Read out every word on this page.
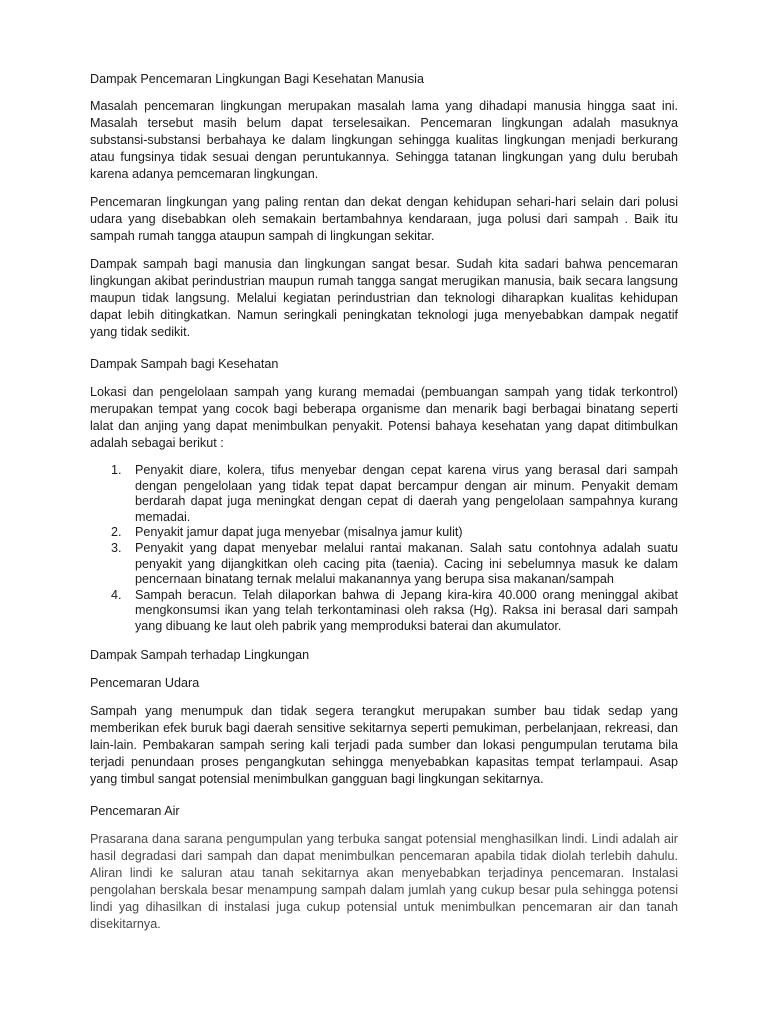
Dampak Pencemaran Lingkungan Bagi Kesehatan Manusia

Masalah pencemaran lingkungan merupakan masalah lama yang dihadapi manusia hingga saat ini. Masalah tersebut masih belum dapat terselesaikan. Pencemaran lingkungan adalah masuknya substansi-substansi berbahaya ke dalam lingkungan sehingga kualitas lingkungan menjadi berkurang atau fungsinya tidak sesuai dengan peruntukannya. Sehingga tatanan lingkungan yang dulu berubah karena adanya pemcemaran lingkungan.

Pencemaran lingkungan yang paling rentan dan dekat dengan kehidupan sehari-hari selain dari polusi udara yang disebabkan oleh semakain bertambahnya kendaraan, juga polusi dari sampah . Baik itu sampah rumah tangga ataupun sampah di lingkungan sekitar.

Dampak sampah bagi manusia dan lingkungan sangat besar. Sudah kita sadari bahwa pencemaran lingkungan akibat perindustrian maupun rumah tangga sangat merugikan manusia, baik secara langsung maupun tidak langsung. Melalui kegiatan perindustrian dan teknologi diharapkan kualitas kehidupan dapat lebih ditingkatkan. Namun seringkali peningkatan teknologi juga menyebabkan dampak negatif yang tidak sedikit.

Dampak Sampah bagi Kesehatan

Lokasi dan pengelolaan sampah yang kurang memadai (pembuangan sampah yang tidak terkontrol) merupakan tempat yang cocok bagi beberapa organisme dan menarik bagi berbagai binatang seperti lalat dan anjing yang dapat menimbulkan penyakit. Potensi bahaya kesehatan yang dapat ditimbulkan adalah sebagai berikut :

1. Penyakit diare, kolera, tifus menyebar dengan cepat karena virus yang berasal dari sampah dengan pengelolaan yang tidak tepat dapat bercampur dengan air minum. Penyakit demam berdarah dapat juga meningkat dengan cepat di daerah yang pengelolaan sampahnya kurang memadai.
2. Penyakit jamur dapat juga menyebar (misalnya jamur kulit)
3. Penyakit yang dapat menyebar melalui rantai makanan. Salah satu contohnya adalah suatu penyakit yang dijangkitkan oleh cacing pita (taenia). Cacing ini sebelumnya masuk ke dalam pencernaan binatang ternak melalui makanannya yang berupa sisa makanan/sampah
4. Sampah beracun. Telah dilaporkan bahwa di Jepang kira-kira 40.000 orang meninggal akibat mengkonsumsi ikan yang telah terkontaminasi oleh raksa (Hg). Raksa ini berasal dari sampah yang dibuang ke laut oleh pabrik yang memproduksi baterai dan akumulator.
Dampak Sampah terhadap Lingkungan
Pencemaran Udara

Sampah yang menumpuk dan tidak segera terangkut merupakan sumber bau tidak sedap yang memberikan efek buruk bagi daerah sensitive sekitarnya seperti pemukiman, perbelanjaan, rekreasi, dan lain-lain. Pembakaran sampah sering kali terjadi pada sumber dan lokasi pengumpulan terutama bila terjadi penundaan proses pengangkutan sehingga menyebabkan kapasitas tempat terlampaui. Asap yang timbul sangat potensial menimbulkan gangguan bagi lingkungan sekitarnya.

Pencemaran Air

Prasarana dana sarana pengumpulan yang terbuka sangat potensial menghasilkan lindi. Lindi adalah air hasil degradasi dari sampah dan dapat menimbulkan pencemaran apabila tidak diolah terlebih dahulu. Aliran lindi ke saluran atau tanah sekitarnya akan menyebabkan terjadinya pencemaran. Instalasi pengolahan berskala besar menampung sampah dalam jumlah yang cukup besar pula sehingga potensi lindi yag dihasilkan di instalasi juga cukup potensial untuk menimbulkan pencemaran air dan tanah disekitarnya.
